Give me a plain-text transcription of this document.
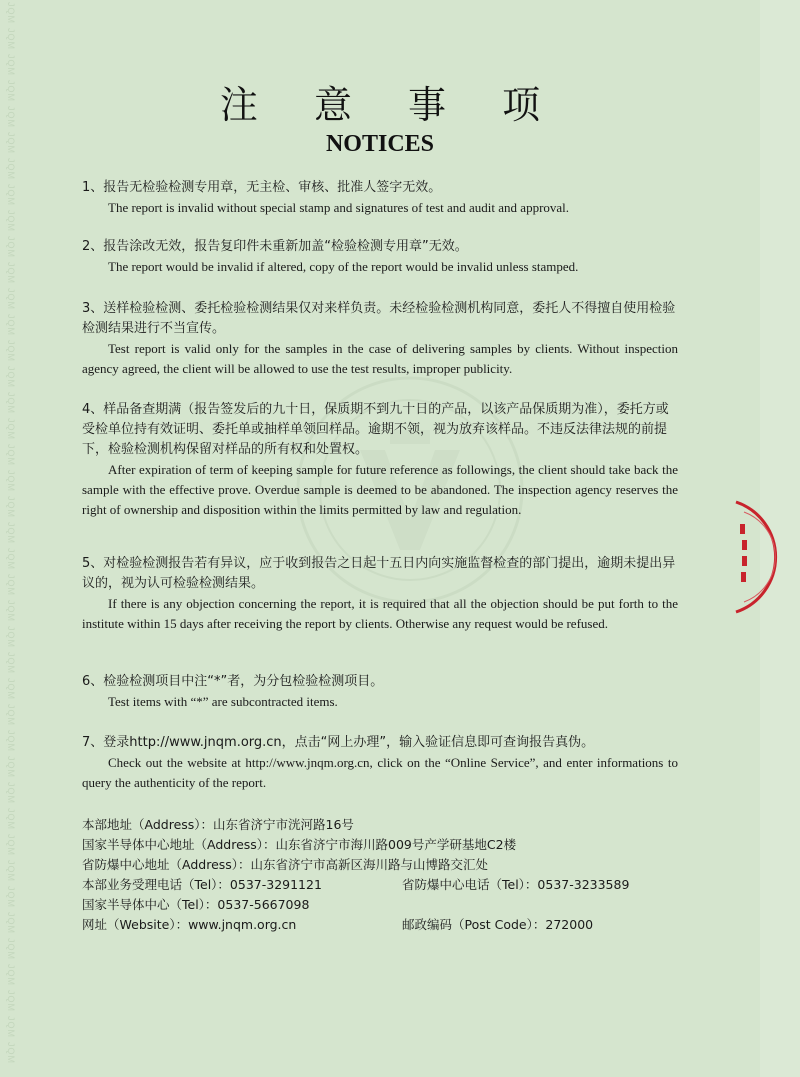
JQM
JQM
JQM
JQM
JQM
JQM
JQM
JQM
JQM
JQM
JQM
JQM
JQM
JQM
JQM
JQM
JQM
JQM
JQM
JQM
JQM
JQM
JQM
JQM
JQM
JQM
JQM
JQM
JQM
JQM
JQM
JQM
JQM
JQM
JQM
JQM
JQM
JQM
JQM
JQM
JQM
注 意 事 项
NOTICES
1、报告无检验检测专用章，无主检、审核、批准人签字无效。
The report is invalid without special stamp and signatures of test and audit and approval.
2、报告涂改无效，报告复印件未重新加盖“检验检测专用章”无效。
The report would be invalid if altered, copy of the report would be invalid unless stamped.
3、送样检验检测、委托检验检测结果仅对来样负责。未经检验检测机构同意，委托人不得擅自使用检验检测结果进行不当宣传。
Test report is valid only for the samples in the case of delivering samples by clients. Without inspection agency agreed, the client will be allowed to use the test results, improper publicity.
4、样品备查期满（报告签发后的九十日，保质期不到九十日的产品，以该产品保质期为准），委托方或受检单位持有效证明、委托单或抽样单领回样品。逾期不领，视为放弃该样品。不违反法律法规的前提下，检验检测机构保留对样品的所有权和处置权。
After expiration of term of keeping sample for future reference as followings, the client should take back the sample with the effective prove. Overdue sample is deemed to be abandoned. The inspection agency reserves the right of ownership and disposition within the limits permitted by law and regulation.
5、对检验检测报告若有异议，应于收到报告之日起十五日内向实施监督检查的部门提出，逾期未提出异议的，视为认可检验检测结果。
If there is any objection concerning the report, it is required that all the objection should be put forth to the institute within 15 days after receiving the report by clients. Otherwise any request would be refused.
6、检验检测项目中注“*”者，为分包检验检测项目。
Test items with “*” are subcontracted items.
7、登录http://www.jnqm.org.cn，点击“网上办理”，输入验证信息即可查询报告真伪。
Check out the website at http://www.jnqm.org.cn, click on the “Online Service”, and enter informations to query the authenticity of the report.
本部地址（Address）：山东省济宁市洸河路16号
国家半导体中心地址（Address）：山东省济宁市海川路009号产学研基地C2楼
省防爆中心地址（Address）：山东省济宁市高新区海川路与山博路交汇处
本部业务受理电话（Tel）：0537-3291121	省防爆中心电话（Tel）：0537-3233589
国家半导体中心（Tel）：0537-5667098
网址（Website）：www.jnqm.org.cn	邮政编码（Post Code）：272000
